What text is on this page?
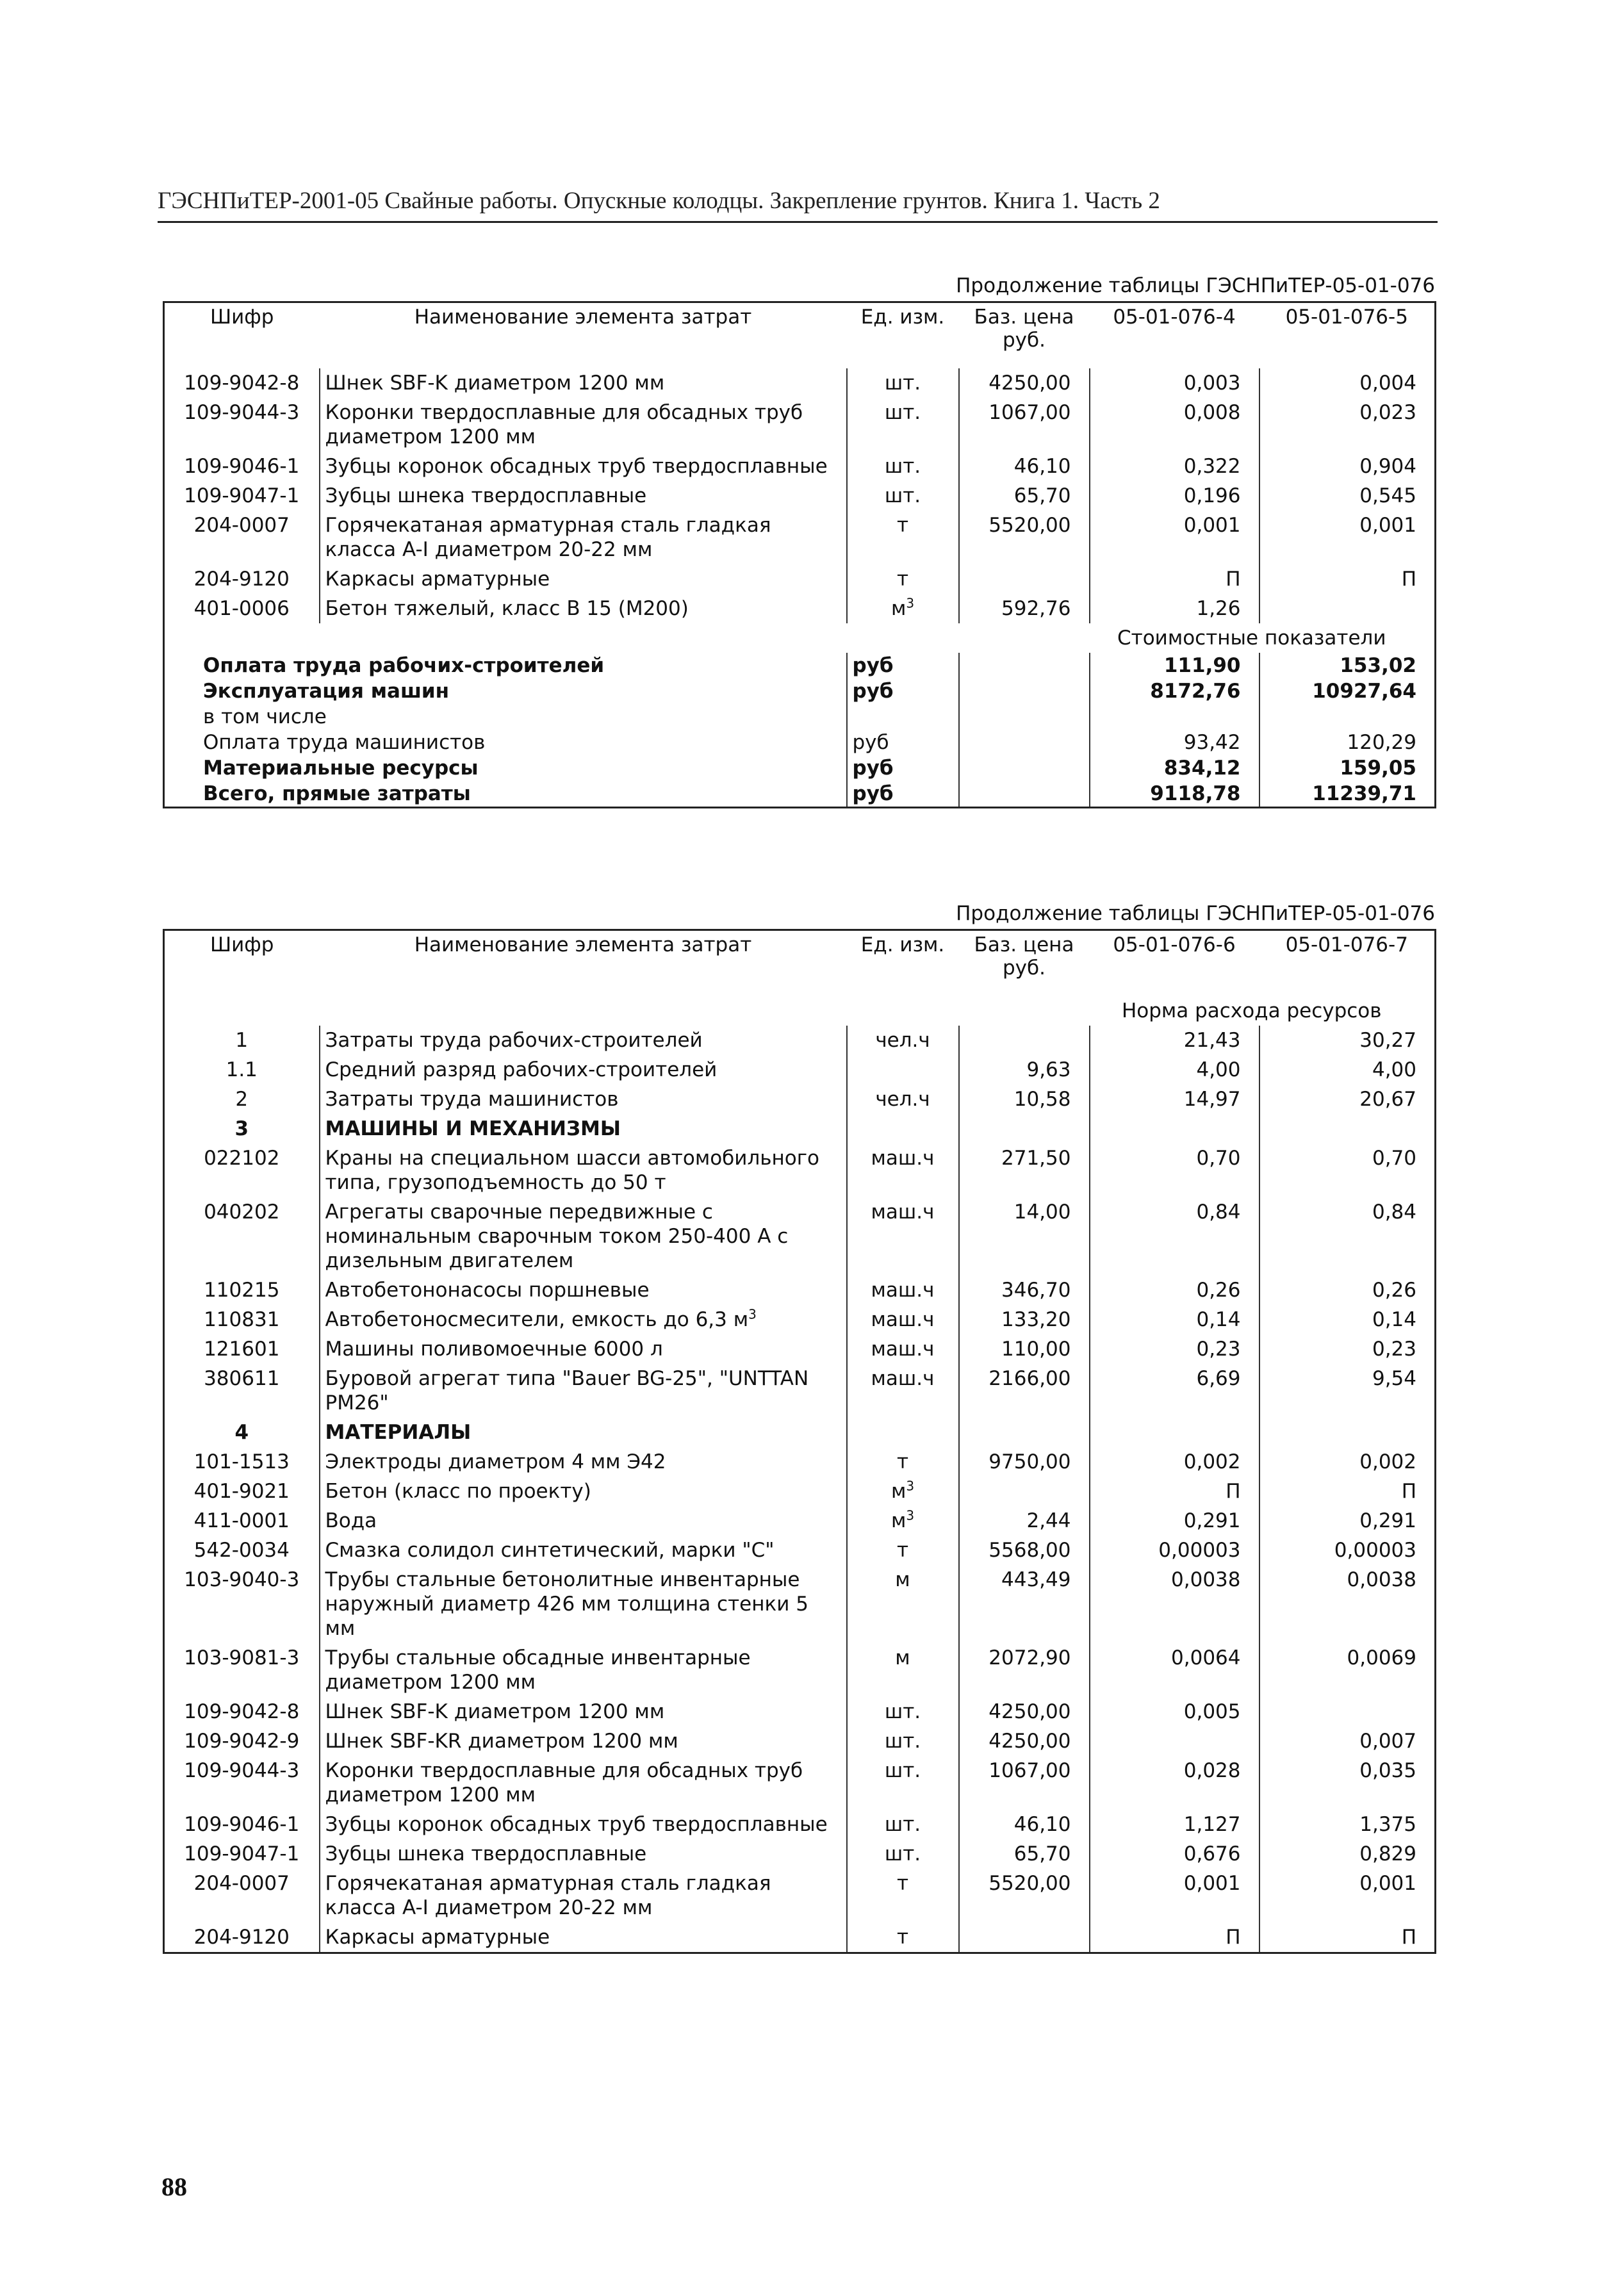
ГЭСНПиТЕР-2001-05 Свайные работы. Опускные колодцы. Закрепление грунтов. Книга 1. Часть 2
Продолжение таблицы ГЭСНПиТЕР-05-01-076
Шифр	Наименование элемента затрат	Ед. изм.	Баз. цена руб.	05-01-076-4	05-01-076-5
109-9042-8	Шнек SBF-K диаметром 1200 мм	шт.	4250,00	0,003	0,004
109-9044-3	Коронки твердосплавные для обсадных труб диаметром 1200 мм	шт.	1067,00	0,008	0,023
109-9046-1	Зубцы коронок обсадных труб твердосплавные	шт.	46,10	0,322	0,904
109-9047-1	Зубцы шнека твердосплавные	шт.	65,70	0,196	0,545
204-0007	Горячекатаная арматурная сталь гладкая класса A-I диаметром 20-22 мм	т	5520,00	0,001	0,001
204-9120	Каркасы арматурные	т		П	П
401-0006	Бетон тяжелый, класс В 15 (М200)	$м^3$	592,76	1,26	
				Стоимостные показатели	
Оплата труда рабочих-строителей		руб		111,90	153,02
Эксплуатация машин		руб		8172,76	10927,64
в том числе					
Оплата труда машинистов		руб		93,42	120,29
Материальные ресурсы		руб		834,12	159,05
Всего, прямые затраты		руб		9118,78	11239,71
Продолжение таблицы ГЭСНПиТЕР-05-01-076
Шифр	Наименование элемента затрат	Ед. изм.	Баз. цена руб.	05-01-076-6	05-01-076-7
				Норма расхода ресурсов	
1	Затраты труда рабочих-строителей	чел.ч		21,43	30,27
1.1	Средний разряд рабочих-строителей		9,63	4,00	4,00
2	Затраты труда машинистов	чел.ч	10,58	14,97	20,67
3	МАШИНЫ И МЕХАНИЗМЫ				
022102	Краны на специальном шасси автомобильного типа, грузоподъемность до 50 т	маш.ч	271,50	0,70	0,70
040202	Агрегаты сварочные передвижные с номинальным сварочным током 250-400 А с дизельным двигателем	маш.ч	14,00	0,84	0,84
110215	Автобетононасосы поршневые	маш.ч	346,70	0,26	0,26
110831	Автобетоносмесители, емкость до 6,3 $м^3$	маш.ч	133,20	0,14	0,14
121601	Машины поливомоечные 6000 л	маш.ч	110,00	0,23	0,23
380611	Буровой агрегат типа "Bauer BG-25", "UNTTAN PM26"	маш.ч	2166,00	6,69	9,54
4	МАТЕРИАЛЫ				
101-1513	Электроды диаметром 4 мм Э42	т	9750,00	0,002	0,002
401-9021	Бетон (класс по проекту)	$м^3$		П	П
411-0001	Вода	$м^3$	2,44	0,291	0,291
542-0034	Смазка солидол синтетический, марки "С"	т	5568,00	0,00003	0,00003
103-9040-3	Трубы стальные бетонолитные инвентарные наружный диаметр 426 мм толщина стенки 5 мм	м	443,49	0,0038	0,0038
103-9081-3	Трубы стальные обсадные инвентарные диаметром 1200 мм	м	2072,90	0,0064	0,0069
109-9042-8	Шнек SBF-K диаметром 1200 мм	шт.	4250,00	0,005	
109-9042-9	Шнек SBF-KR диаметром 1200 мм	шт.	4250,00		0,007
109-9044-3	Коронки твердосплавные для обсадных труб диаметром 1200 мм	шт.	1067,00	0,028	0,035
109-9046-1	Зубцы коронок обсадных труб твердосплавные	шт.	46,10	1,127	1,375
109-9047-1	Зубцы шнека твердосплавные	шт.	65,70	0,676	0,829
204-0007	Горячекатаная арматурная сталь гладкая класса A-I диаметром 20-22 мм	т	5520,00	0,001	0,001
204-9120	Каркасы арматурные	т		П	П
88
